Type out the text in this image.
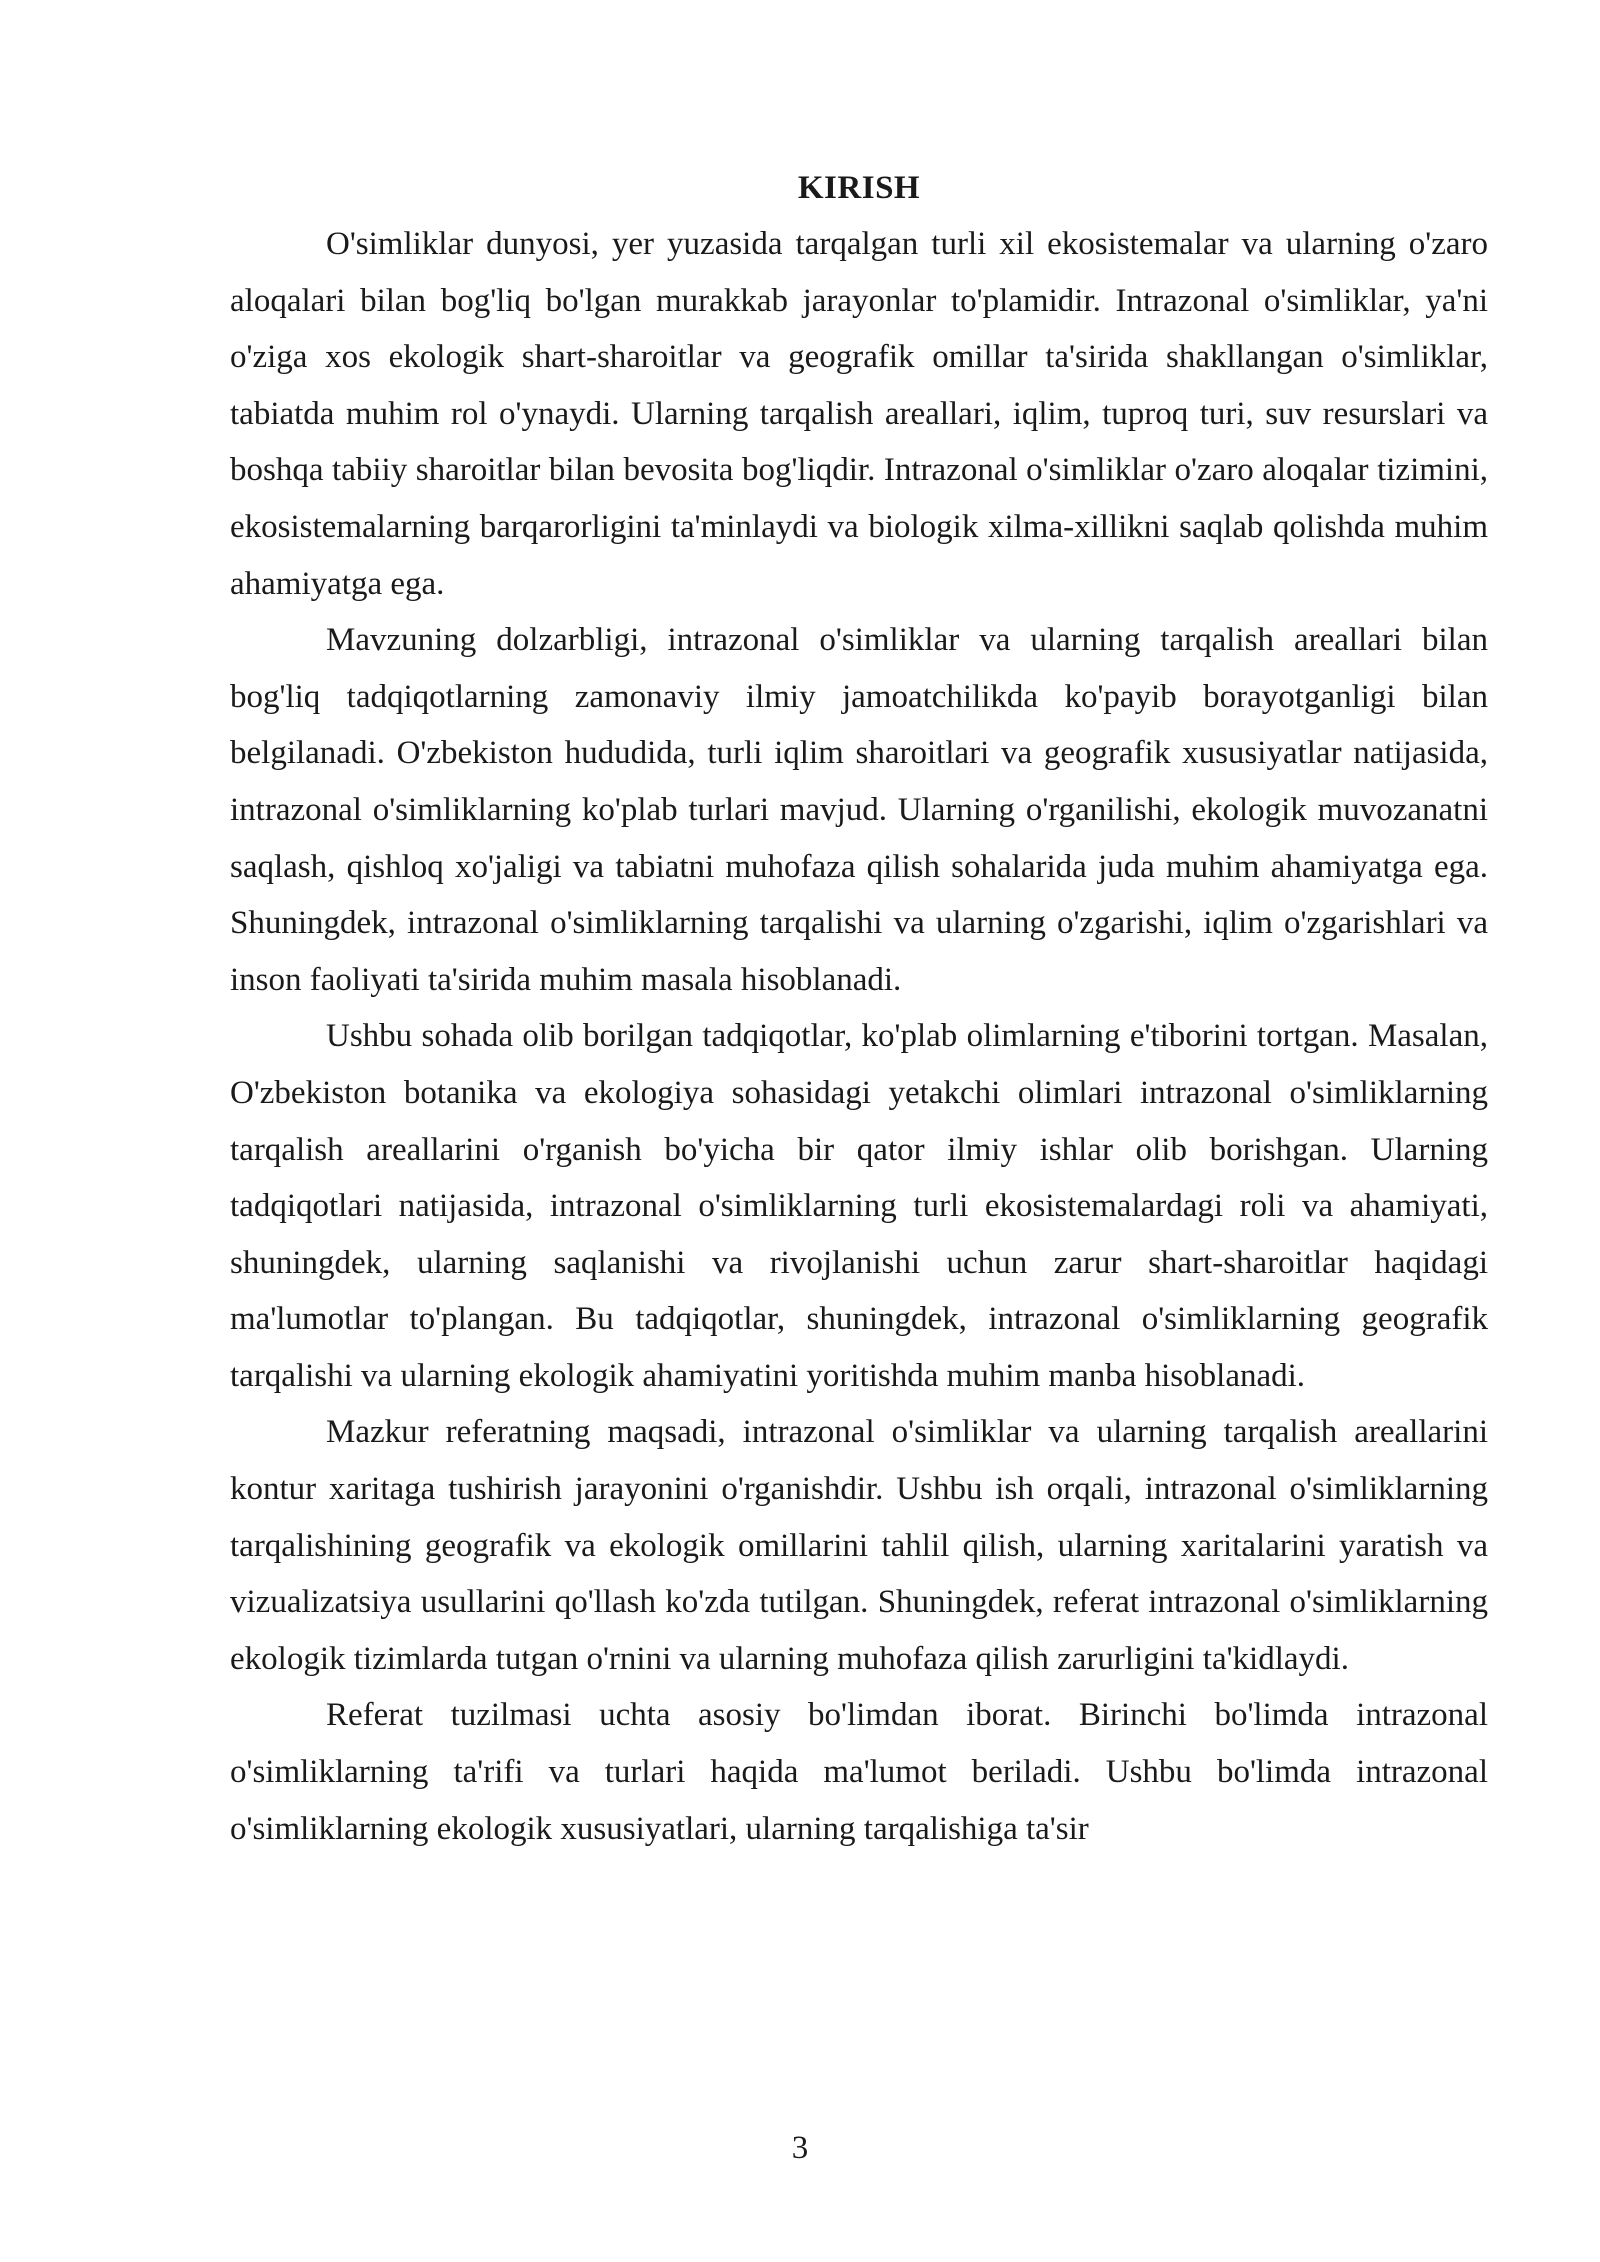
KIRISH

O'simliklar dunyosi, yer yuzasida tarqalgan turli xil ekosistemalar va ularning o'zaro aloqalari bilan bog'liq bo'lgan murakkab jarayonlar to'plamidir. Intrazonal o'simliklar, ya'ni o'ziga xos ekologik shart-sharoitlar va geografik omillar ta'sirida shakllangan o'simliklar, tabiatda muhim rol o'ynaydi. Ularning tarqalish areallari, iqlim, tuproq turi, suv resurslari va boshqa tabiiy sharoitlar bilan bevosita bog'liqdir. Intrazonal o'simliklar o'zaro aloqalar tizimini, ekosistemalarning barqarorligini ta'minlaydi va biologik xilma-xillikni saqlab qolishda muhim ahamiyatga ega.

Mavzuning dolzarbligi, intrazonal o'simliklar va ularning tarqalish areallari bilan bog'liq tadqiqotlarning zamonaviy ilmiy jamoatchilikda ko'payib borayotganligi bilan belgilanadi. O'zbekiston hududida, turli iqlim sharoitlari va geografik xususiyatlar natijasida, intrazonal o'simliklarning ko'plab turlari mavjud. Ularning o'rganilishi, ekologik muvozanatni saqlash, qishloq xo'jaligi va tabiatni muhofaza qilish sohalarida juda muhim ahamiyatga ega. Shuningdek, intrazonal o'simliklarning tarqalishi va ularning o'zgarishi, iqlim o'zgarishlari va inson faoliyati ta'sirida muhim masala hisoblanadi.

Ushbu sohada olib borilgan tadqiqotlar, ko'plab olimlarning e'tiborini tortgan. Masalan, O'zbekiston botanika va ekologiya sohasidagi yetakchi olimlari intrazonal o'simliklarning tarqalish areallarini o'rganish bo'yicha bir qator ilmiy ishlar olib borishgan. Ularning tadqiqotlari natijasida, intrazonal o'simliklarning turli ekosistemalardagi roli va ahamiyati, shuningdek, ularning saqlanishi va rivojlanishi uchun zarur shart-sharoitlar haqidagi ma'lumotlar to'plangan. Bu tadqiqotlar, shuningdek, intrazonal o'simliklarning geografik tarqalishi va ularning ekologik ahamiyatini yoritishda muhim manba hisoblanadi.

Mazkur referatning maqsadi, intrazonal o'simliklar va ularning tarqalish areallarini kontur xaritaga tushirish jarayonini o'rganishdir. Ushbu ish orqali, intrazonal o'simliklarning tarqalishining geografik va ekologik omillarini tahlil qilish, ularning xaritalarini yaratish va vizualizatsiya usullarini qo'llash ko'zda tutilgan. Shuningdek, referat intrazonal o'simliklarning ekologik tizimlarda tutgan o'rnini va ularning muhofaza qilish zarurligini ta'kidlaydi.

Referat tuzilmasi uchta asosiy bo'limdan iborat. Birinchi bo'limda intrazonal o'simliklarning ta'rifi va turlari haqida ma'lumot beriladi. Ushbu bo'limda intrazonal o'simliklarning ekologik xususiyatlari, ularning tarqalishiga ta'sir

3
